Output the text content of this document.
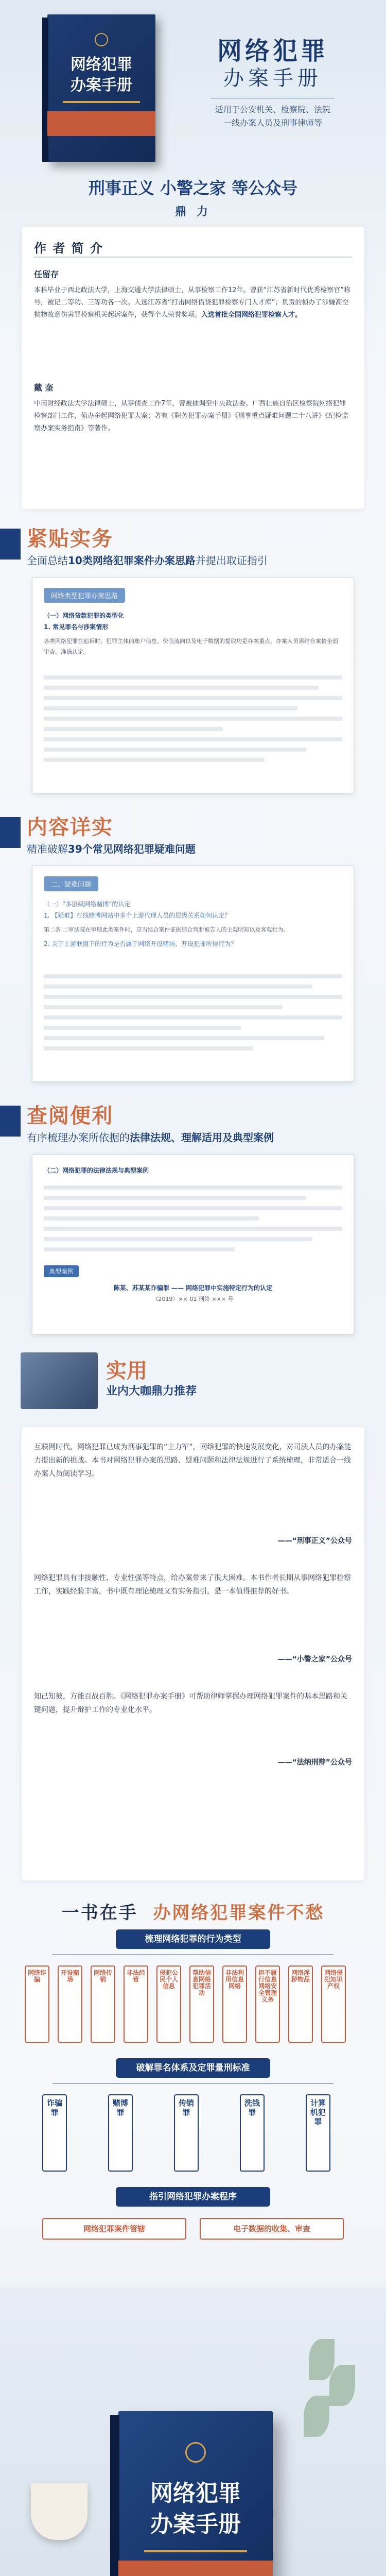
网络犯罪
办案手册
网络犯罪
办案手册
适用于公安机关、检察院、法院
一线办案人员及刑事律师等
刑事正义 小警之家 等公众号
鼎 力
作 者 简 介
任留存
本科毕业于西北政法大学，上海交通大学法律硕士，从事检察工作12年。曾获“江苏省新时代优秀检察官”称号，被记二等功、三等功各一次。入选江苏省“打击网络借贷犯罪检察专门人才库”；负责的侦办了涉嫌高空抛物故意伤害罪检察机关起诉案件，获得个人荣誉奖项。入选首批全国网络犯罪检察人才。
戴 奎
中南财经政法大学法律硕士，从事侦查工作7年，曾被抽调至中央政法委。广西壮族自治区检察院网络犯罪检察部门工作，侦办多起网络犯罪大案；著有《职务犯罪办案手册》《刑事重点疑难问题二十八讲》《纪检监察办案实务指南》等著作。
紧贴实务
全面总结10类网络犯罪案件办案思路并提出取证指引
网络类型犯罪办案思路
（一）网络贷款犯罪的类型化
1. 常见罪名与涉案情形
各类网络犯罪在追诉时，犯罪主体的账户信息、资金流向以及电子数据的提取均是办案重点，办案人员需结合案情全面审查、准确认定。
内容详实
精准破解39个常见网络犯罪疑难问题
二、疑难问题
（一）“多层级网络赌博”的认定
1. 【疑难】在线赌博网站中多个上游代理人员的层级关系如何认定？
第二条 二审法院在审理此类案件时，应当结合案件证据综合判断被告人的主观明知以及客观行为。
2. 关于上游联盟下的行为是否属于网络开设赌场、开设犯罪所得行为？
查阅便利
有序梳理办案所依据的法律法规、理解适用及典型案例
（二）网络犯罪的法律法规与典型案例
典型案例
陈某、苏某某诈骗罪 —— 网络犯罪中实施特定行为的认定
（2019）×× 01 刑终 ××× 号
实用
业内大咖鼎力推荐
互联网时代，网络犯罪已成为刑事犯罪的“主力军”，网络犯罪的快速发展变化，对司法人员的办案能力提出新的挑战。本书对网络犯罪办案的思路、疑难问题和法律法规进行了系统梳理，非常适合一线办案人员阅读学习。
——“刑事正义”公众号
网络犯罪具有非接触性、专业性强等特点，给办案带来了很大困难。本书作者长期从事网络犯罪检察工作，实践经验丰富，书中既有理论梳理又有实务指引，是一本值得推荐的好书。
——“小警之家”公众号
知己知彼，方能百战百胜。《网络犯罪办案手册》可帮助律师掌握办理网络犯罪案件的基本思路和关键问题，提升辩护工作的专业化水平。
——“法纳刑辩”公众号
一书在手 办网络犯罪案件不愁
梳理网络犯罪的行为类型
网络诈骗
开设赌场
网络传销
非法经营
侵犯公民个人信息
帮助信息网络犯罪活动
非法利用信息网络
拒不履行信息网络安全管理义务
网络淫秽物品
网络侵犯知识产权
破解罪名体系及定罪量刑标准
诈骗罪
赌博罪
传销罪
洗钱罪
计算机犯罪
指引网络犯罪办案程序
网络犯罪案件管辖	电子数据的收集、审查
网络犯罪
办案手册
